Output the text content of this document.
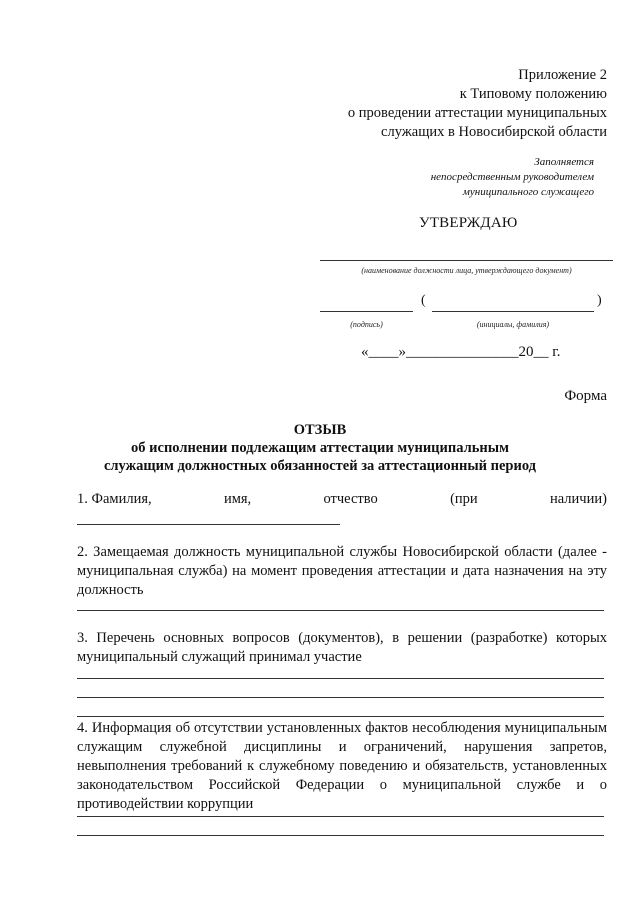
Приложение 2
к Типовому положению
о проведении аттестации муниципальных
служащих в Новосибирской области
Заполняется
непосредственным руководителем
муниципального служащего
УТВЕРЖДАЮ
(наименование должности лица, утверждающего документ)
(	)
(подпись)	(инициалы, фамилия)
«____»_______________20__ г.
Форма
ОТЗЫВ
об исполнении подлежащим аттестации муниципальным
служащим должностных обязанностей за аттестационный период
1. Фамилия,	имя,	отчество	(при	наличии)
2. Замещаемая должность муниципальной службы Новосибирской области (далее - муниципальная служба) на момент проведения аттестации и дата назначения на эту должность
3. Перечень основных вопросов (документов), в решении (разработке) которых муниципальный служащий принимал участие
4. Информация об отсутствии установленных фактов несоблюдения муниципальным служащим служебной дисциплины и ограничений, нарушения запретов, невыполнения требований к служебному поведению и обязательств, установленных законодательством Российской Федерации о муниципальной службе и о противодействии коррупции
